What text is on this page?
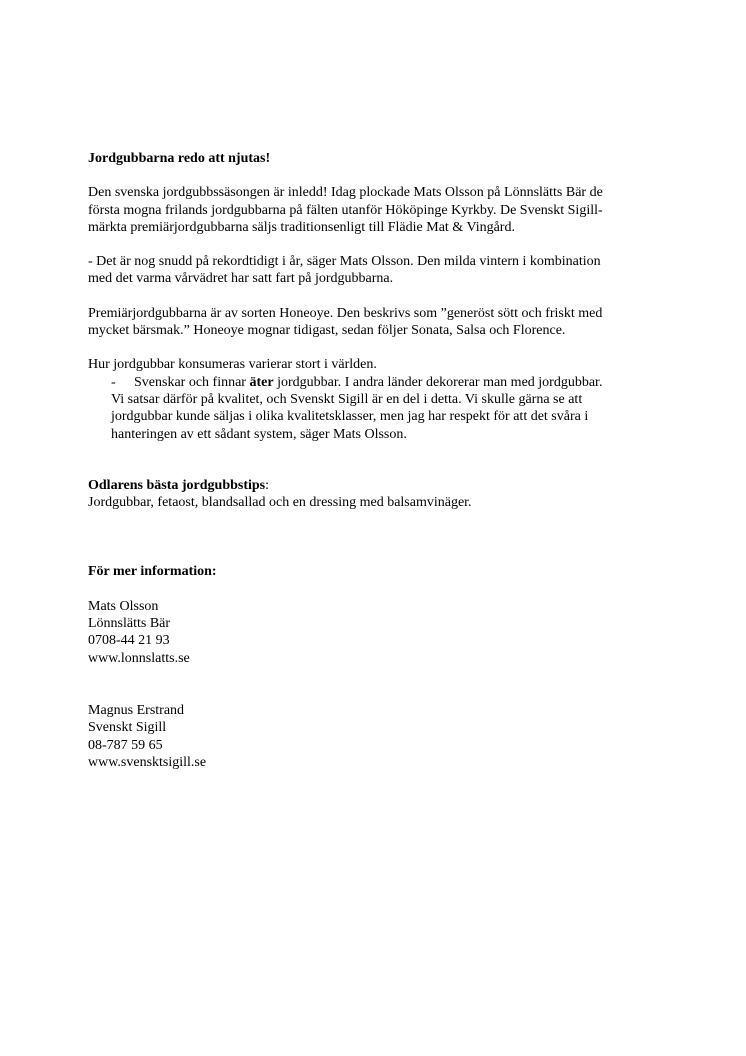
Jordgubbarna redo att njutas!

Den svenska jordgubbssäsongen är inledd! Idag plockade Mats Olsson på Lönnslätts Bär de
första mogna frilands jordgubbarna på fälten utanför Hököpinge Kyrkby. De Svenskt Sigill-
märkta premiärjordgubbarna säljs traditionsenligt till Flädie Mat & Vingård.

- Det är nog snudd på rekordtidigt i år, säger Mats Olsson. Den milda vintern i kombination
med det varma vårvädret har satt fart på jordgubbarna.

Premiärjordgubbarna är av sorten Honeoye. Den beskrivs som ”generöst sött och friskt med
mycket bärsmak.” Honeoye mognar tidigast, sedan följer Sonata, Salsa och Florence.

Hur jordgubbar konsumeras varierar stort i världen.
-	Svenskar och finnar äter jordgubbar. I andra länder dekorerar man med jordgubbar.
Vi satsar därför på kvalitet, och Svenskt Sigill är en del i detta. Vi skulle gärna se att
jordgubbar kunde säljas i olika kvalitetsklasser, men jag har respekt för att det svåra i
hanteringen av ett sådant system, säger Mats Olsson.
Odlarens bästa jordgubbstips:
Jordgubbar, fetaost, blandsallad och en dressing med balsamvinäger.
För mer information:
Mats Olsson
Lönnslätts Bär
0708-44 21 93
www.lonnslatts.se
Magnus Erstrand
Svenskt Sigill
08-787 59 65
www.svensktsigill.se
